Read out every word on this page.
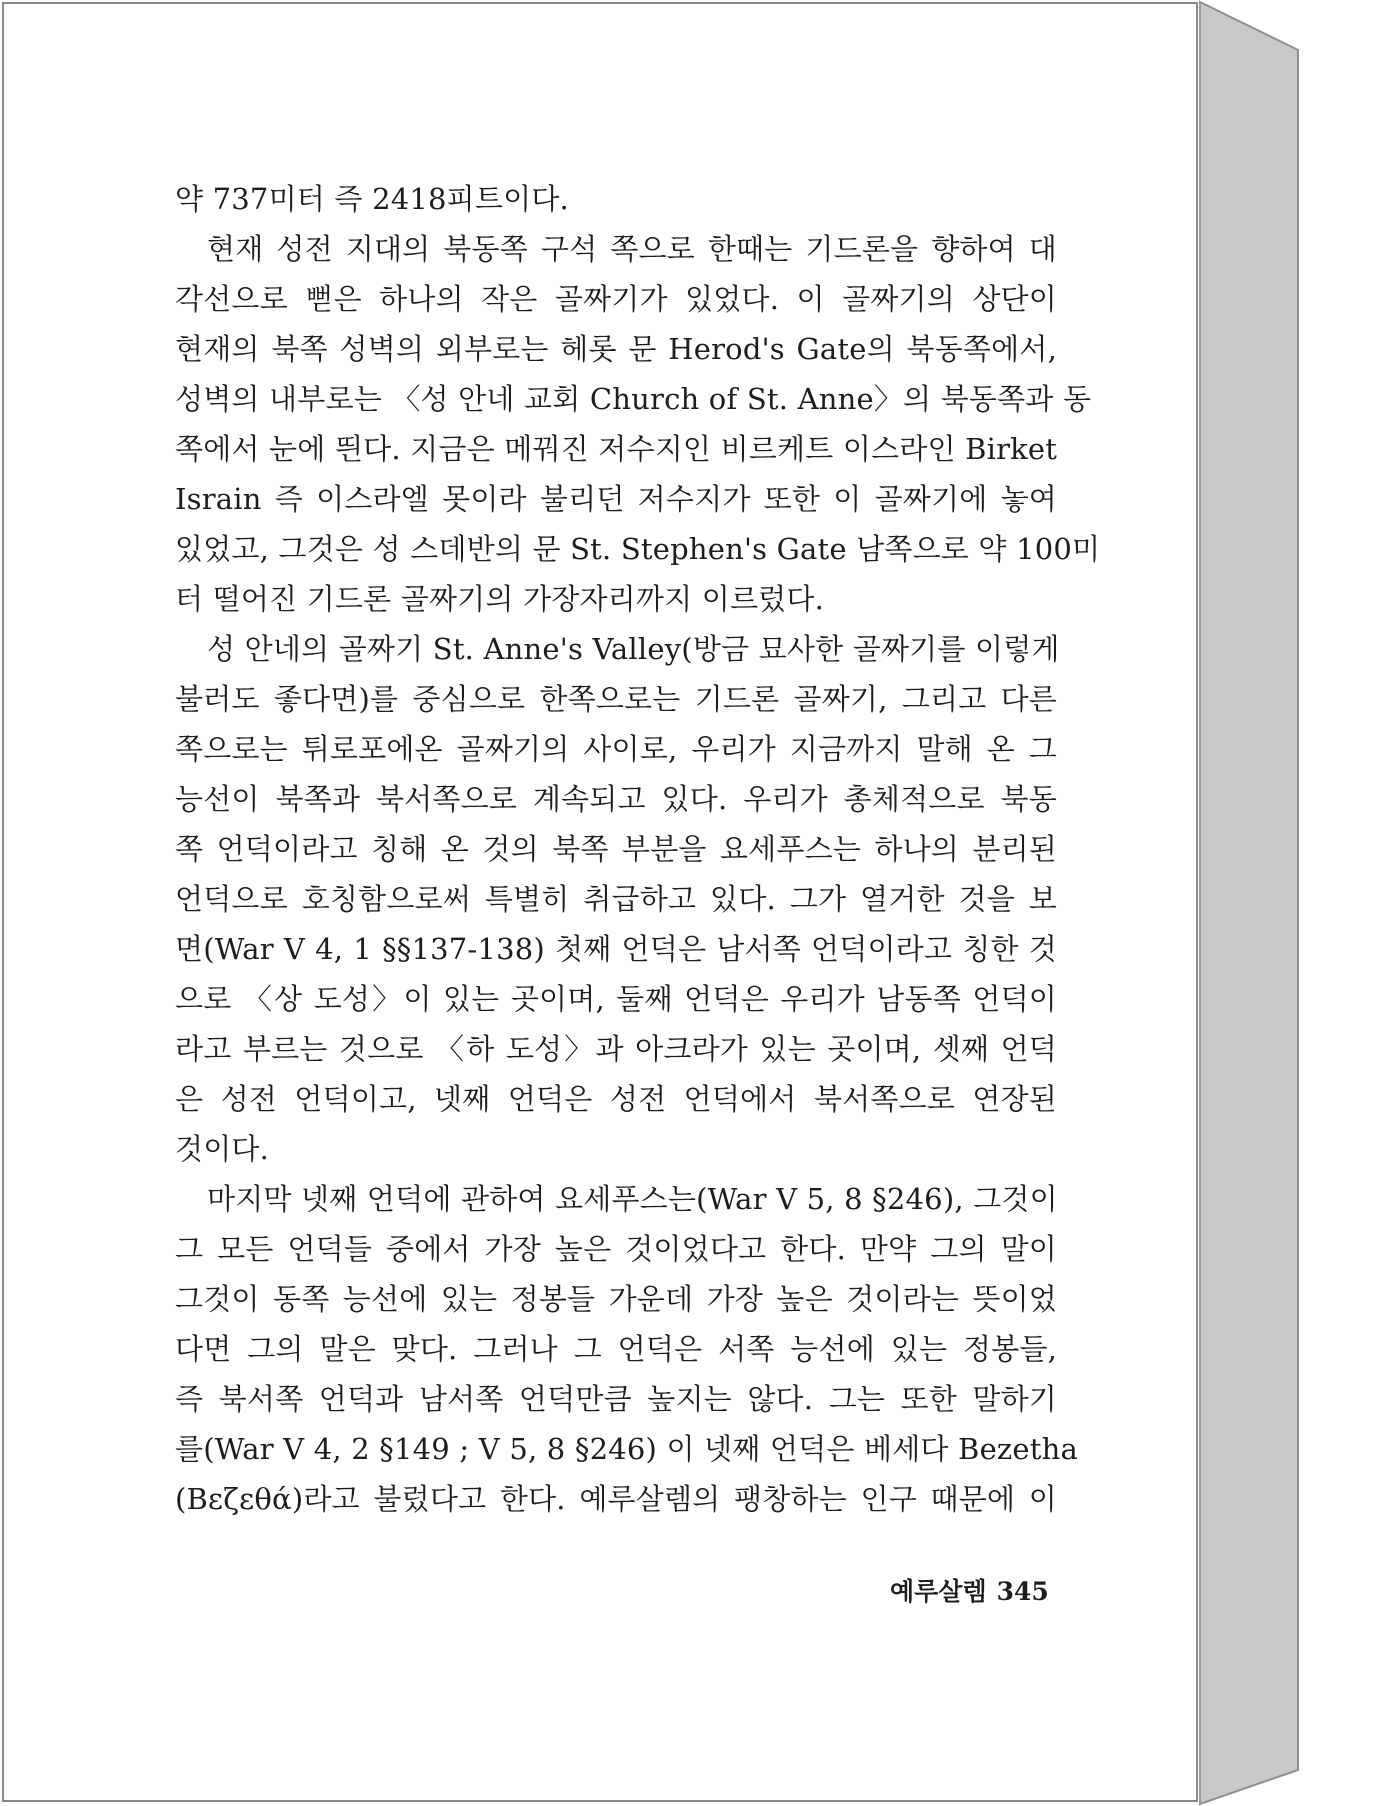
약 737미터 즉 2418피트이다.
현재 성전 지대의 북동쪽 구석 쪽으로 한때는 기드론을 향하여 대
각선으로 뻗은 하나의 작은 골짜기가 있었다. 이 골짜기의 상단이
현재의 북쪽 성벽의 외부로는 헤롯 문 Herod's Gate의 북동쪽에서,
성벽의 내부로는 〈성 안네 교회 Church of St. Anne〉의 북동쪽과 동
쪽에서 눈에 띈다. 지금은 메꿔진 저수지인 비르케트 이스라인 Birket
Israin 즉 이스라엘 못이라 불리던 저수지가 또한 이 골짜기에 놓여
있었고, 그것은 성 스데반의 문 St. Stephen's Gate 남쪽으로 약 100미
터 떨어진 기드론 골짜기의 가장자리까지 이르렀다.
성 안네의 골짜기 St. Anne's Valley(방금 묘사한 골짜기를 이렇게
불러도 좋다면)를 중심으로 한쪽으로는 기드론 골짜기, 그리고 다른
쪽으로는 튀로포에온 골짜기의 사이로, 우리가 지금까지 말해 온 그
능선이 북쪽과 북서쪽으로 계속되고 있다. 우리가 총체적으로 북동
쪽 언덕이라고 칭해 온 것의 북쪽 부분을 요세푸스는 하나의 분리된
언덕으로 호칭함으로써 특별히 취급하고 있다. 그가 열거한 것을 보
면(War V 4, 1 §§137-138) 첫째 언덕은 남서쪽 언덕이라고 칭한 것
으로 〈상 도성〉이 있는 곳이며, 둘째 언덕은 우리가 남동쪽 언덕이
라고 부르는 것으로 〈하 도성〉과 아크라가 있는 곳이며, 셋째 언덕
은 성전 언덕이고, 넷째 언덕은 성전 언덕에서 북서쪽으로 연장된
것이다.
마지막 넷째 언덕에 관하여 요세푸스는(War V 5, 8 §246), 그것이
그 모든 언덕들 중에서 가장 높은 것이었다고 한다. 만약 그의 말이
그것이 동쪽 능선에 있는 정봉들 가운데 가장 높은 것이라는 뜻이었
다면 그의 말은 맞다. 그러나 그 언덕은 서쪽 능선에 있는 정봉들,
즉 북서쪽 언덕과 남서쪽 언덕만큼 높지는 않다. 그는 또한 말하기
를(War V 4, 2 §149 ; V 5, 8 §246) 이 넷째 언덕은 베세다 Bezetha
(Βεζεθά)라고 불렀다고 한다. 예루살렘의 팽창하는 인구 때문에 이
예루살렘 345
